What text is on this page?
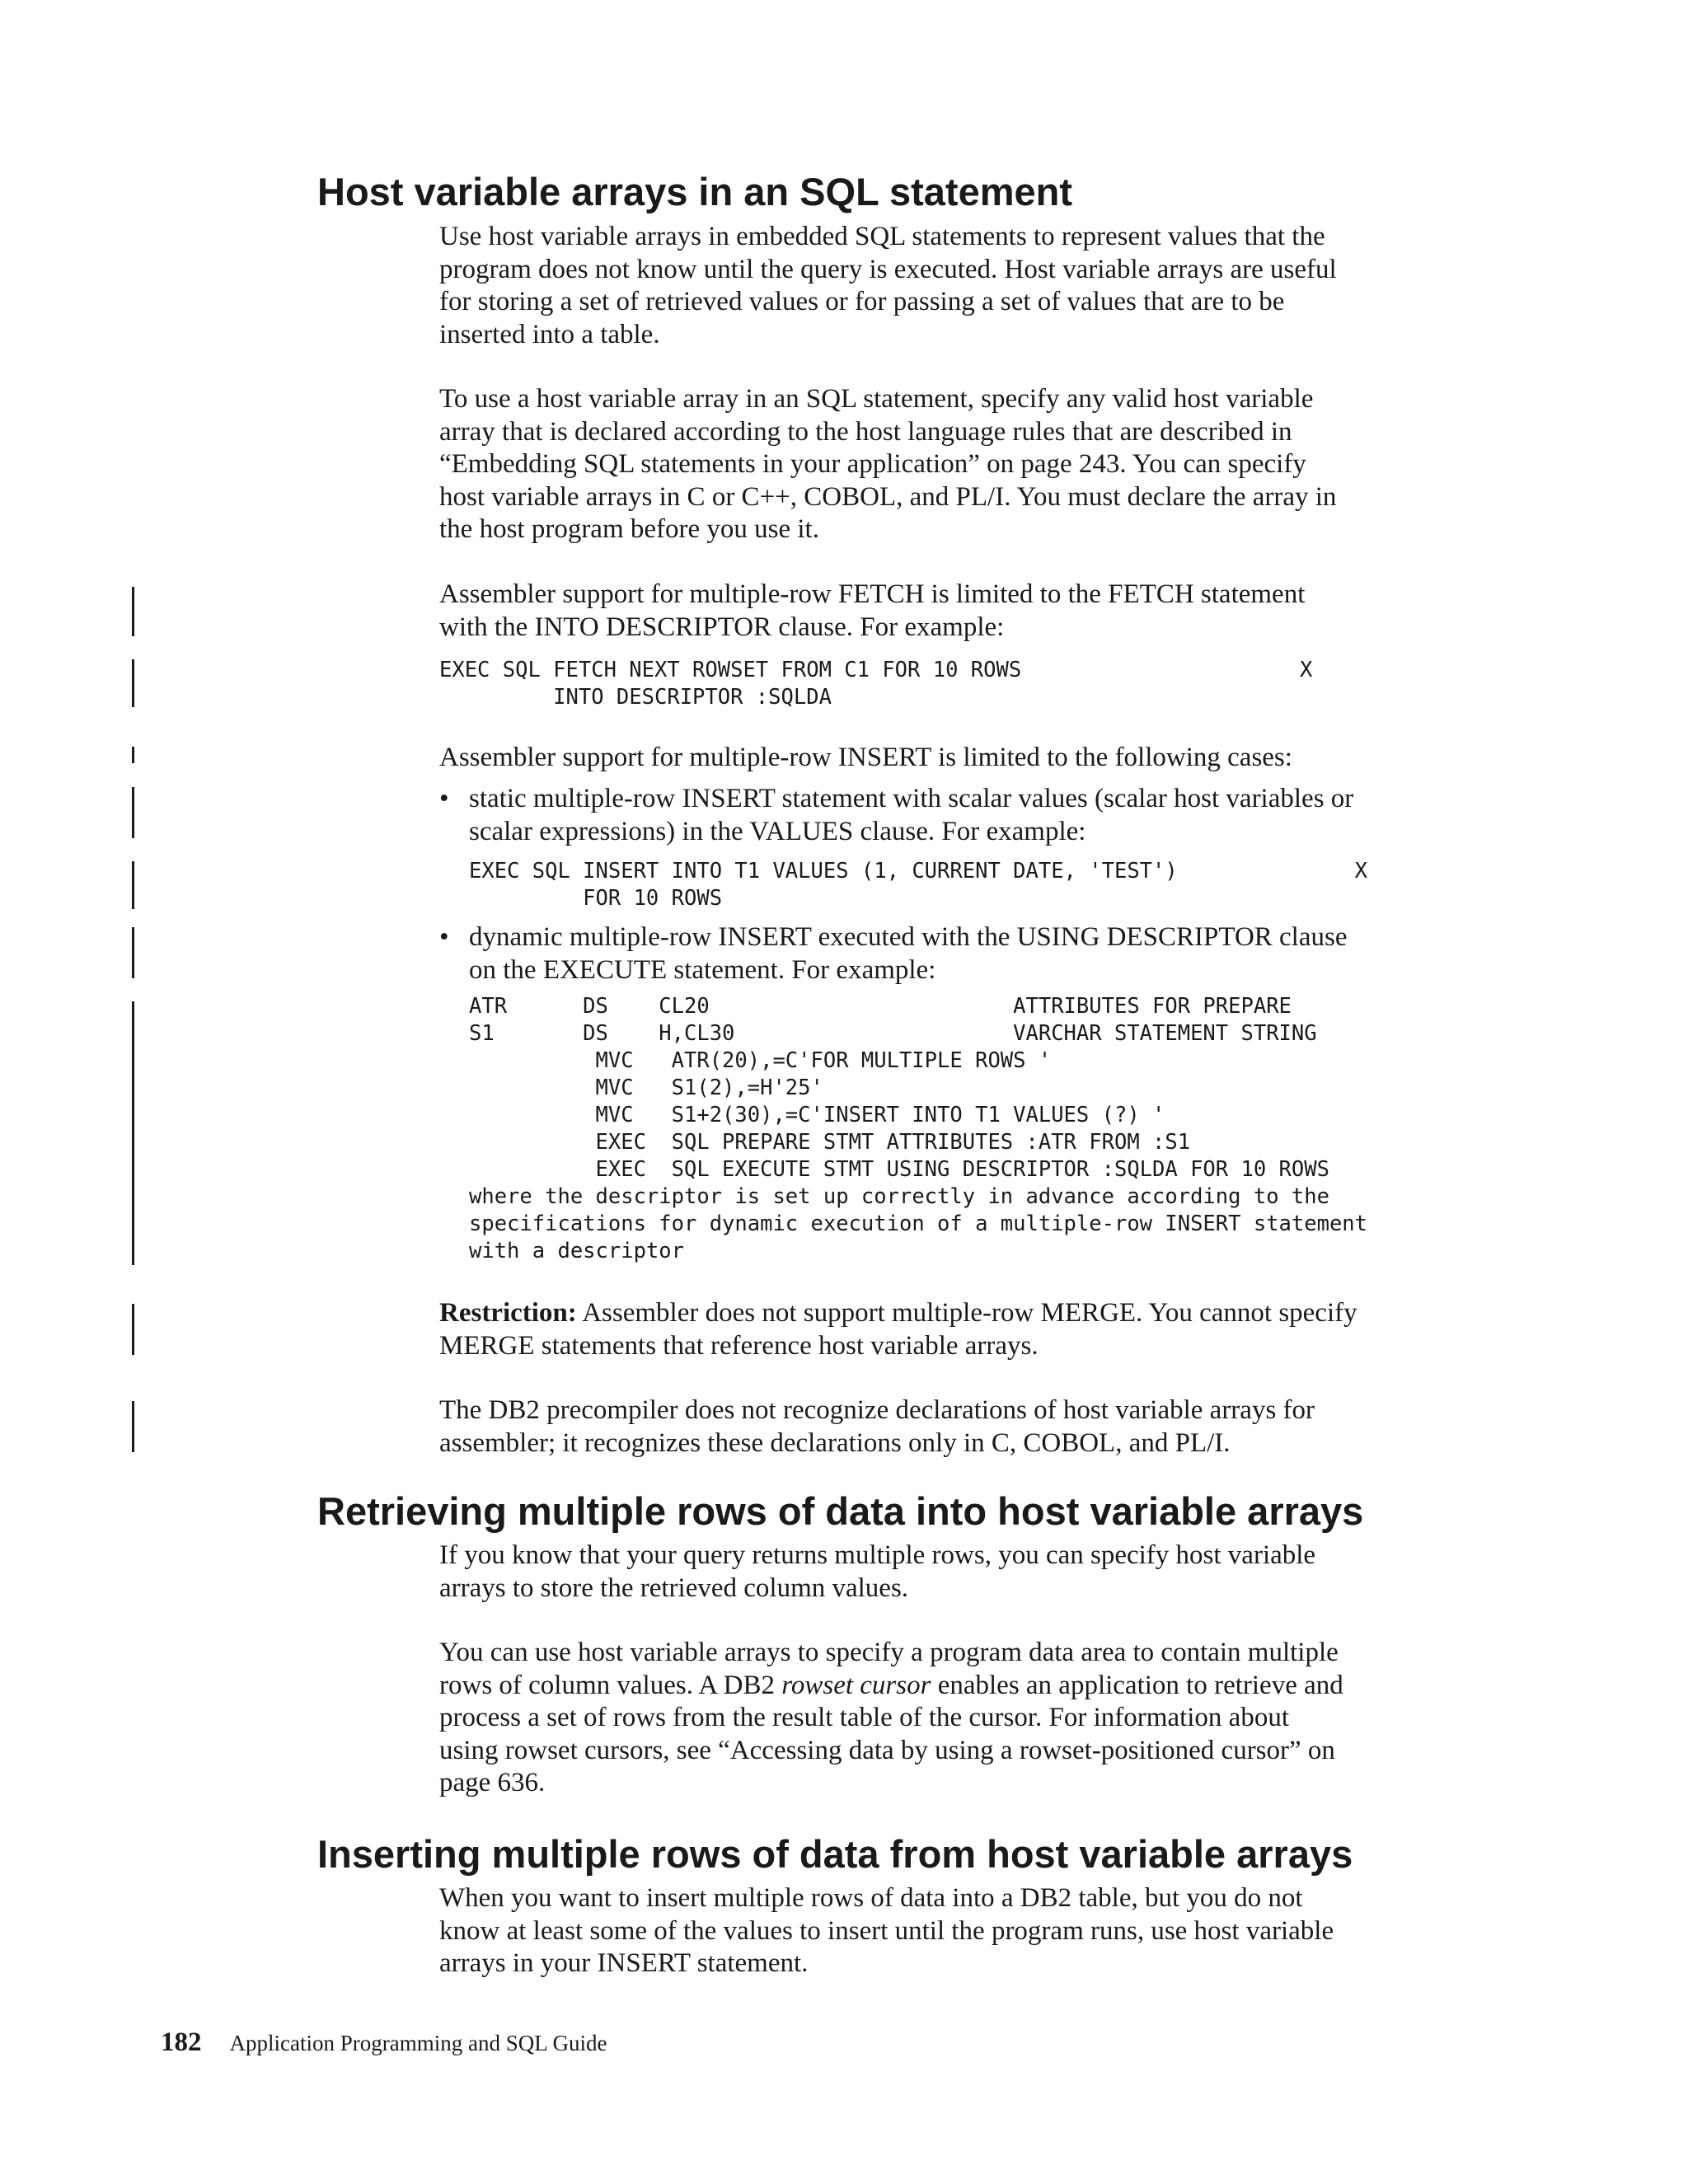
Host variable arrays in an SQL statement

Use host variable arrays in embedded SQL statements to represent values that the

program does not know until the query is executed. Host variable arrays are useful

for storing a set of retrieved values or for passing a set of values that are to be

inserted into a table.

To use a host variable array in an SQL statement, specify any valid host variable

array that is declared according to the host language rules that are described in

“Embedding SQL statements in your application” on page 243. You can specify

host variable arrays in C or C++, COBOL, and PL/I. You must declare the array in

the host program before you use it.

Assembler support for multiple-row FETCH is limited to the FETCH statement

with the INTO DESCRIPTOR clause. For example:

EXEC SQL FETCH NEXT ROWSET FROM C1 FOR 10 ROWS                      X
INTO DESCRIPTOR :SQLDA

Assembler support for multiple-row INSERT is limited to the following cases:

• static multiple-row INSERT statement with scalar values (scalar host variables or

scalar expressions) in the VALUES clause. For example:

EXEC SQL INSERT INTO T1 VALUES (1, CURRENT DATE, 'TEST')              X
FOR 10 ROWS
• dynamic multiple-row INSERT executed with the USING DESCRIPTOR clause

on the EXECUTE statement. For example:

ATR      DS    CL20                        ATTRIBUTES FOR PREPARE
S1       DS    H,CL30                      VARCHAR STATEMENT STRING
MVC   ATR(20),=C'FOR MULTIPLE ROWS '
MVC   S1(2),=H'25'
MVC   S1+2(30),=C'INSERT INTO T1 VALUES (?) '
EXEC  SQL PREPARE STMT ATTRIBUTES :ATR FROM :S1
EXEC  SQL EXECUTE STMT USING DESCRIPTOR :SQLDA FOR 10 ROWS
where the descriptor is set up correctly in advance according to the
specifications for dynamic execution of a multiple-row INSERT statement
with a descriptor

Restriction: Assembler does not support multiple-row MERGE. You cannot specify

MERGE statements that reference host variable arrays.

The DB2 precompiler does not recognize declarations of host variable arrays for

assembler; it recognizes these declarations only in C, COBOL, and PL/I.

Retrieving multiple rows of data into host variable arrays

If you know that your query returns multiple rows, you can specify host variable

arrays to store the retrieved column values.

You can use host variable arrays to specify a program data area to contain multiple

rows of column values. A DB2 rowset cursor enables an application to retrieve and

process a set of rows from the result table of the cursor. For information about

using rowset cursors, see “Accessing data by using a rowset-positioned cursor” on

page 636.

Inserting multiple rows of data from host variable arrays

When you want to insert multiple rows of data into a DB2 table, but you do not

know at least some of the values to insert until the program runs, use host variable

arrays in your INSERT statement.

182 Application Programming and SQL Guide
